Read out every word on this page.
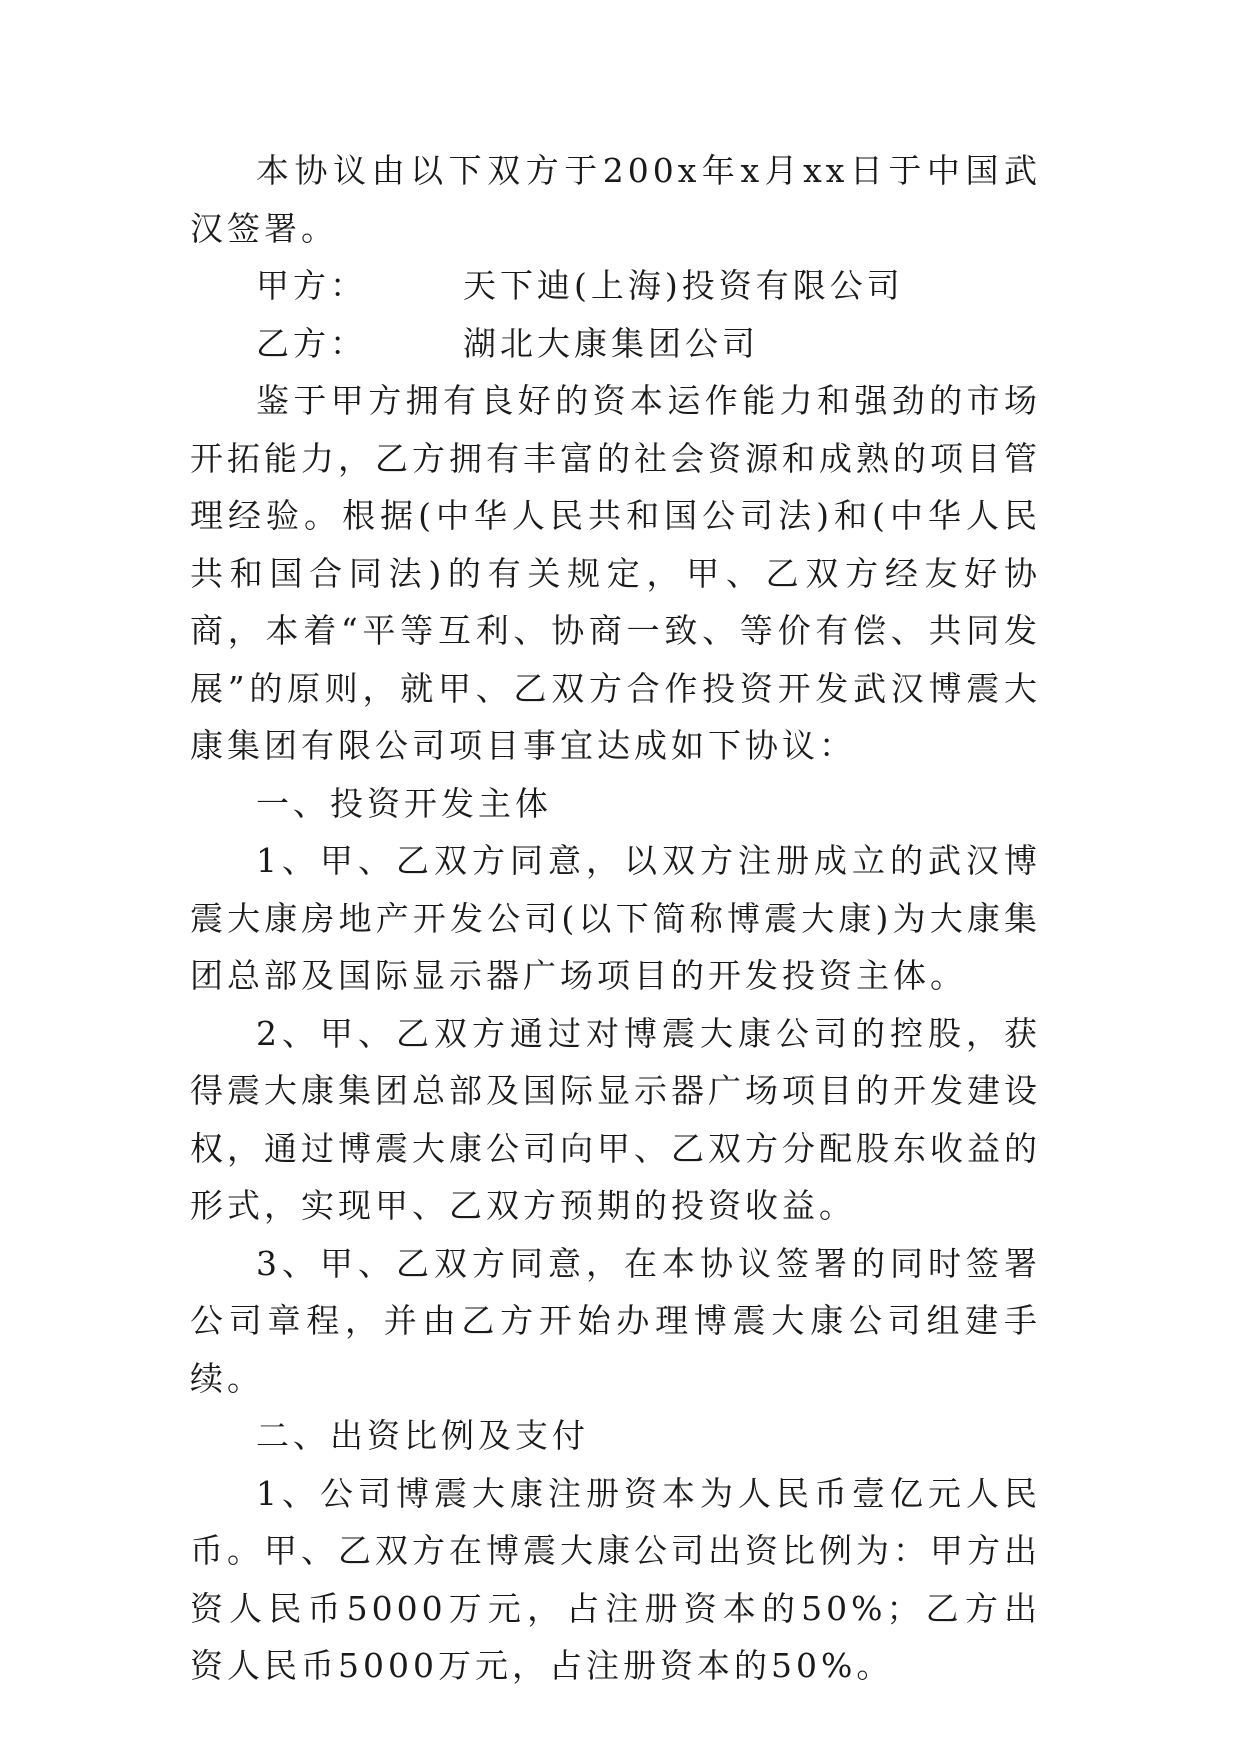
本协议由以下双方于200x年x月xx日于中国武汉签署。

甲方：	天下迪(上海)投资有限公司

乙方：	湖北大康集团公司

鉴于甲方拥有良好的资本运作能力和强劲的市场开拓能力，乙方拥有丰富的社会资源和成熟的项目管理经验。根据(中华人民共和国公司法)和(中华人民共和国合同法)的有关规定，甲、乙双方经友好协商，本着“平等互利、协商一致、等价有偿、共同发展”的原则，就甲、乙双方合作投资开发武汉博震大康集团有限公司项目事宜达成如下协议：

一、投资开发主体

1、甲、乙双方同意，以双方注册成立的武汉博震大康房地产开发公司(以下简称博震大康)为大康集团总部及国际显示器广场项目的开发投资主体。

2、甲、乙双方通过对博震大康公司的控股，获得震大康集团总部及国际显示器广场项目的开发建设权，通过博震大康公司向甲、乙双方分配股东收益的形式，实现甲、乙双方预期的投资收益。

3、甲、乙双方同意，在本协议签署的同时签署公司章程，并由乙方开始办理博震大康公司组建手续。

二、出资比例及支付

1、公司博震大康注册资本为人民币壹亿元人民币。甲、乙双方在博震大康公司出资比例为：甲方出资人民币5000万元，占注册资本的50%；乙方出资人民币5000万元，占注册资本的50%。
